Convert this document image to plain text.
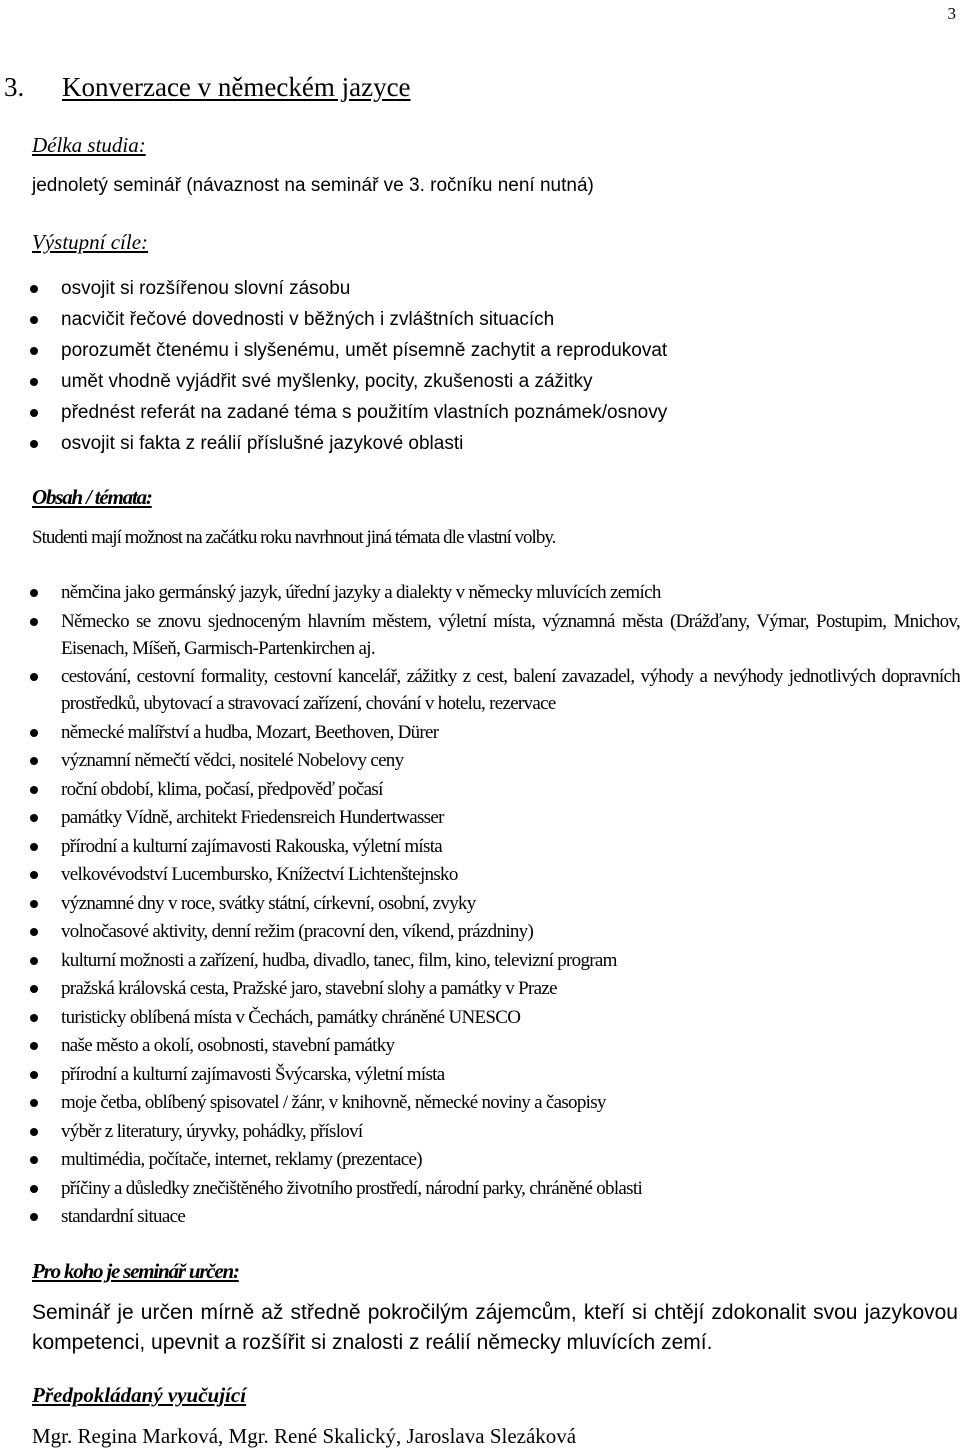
3
3. Konverzace v německém jazyce

Délka studia:

jednoletý seminář (návaznost na seminář ve 3. ročníku není nutná)

Výstupní cíle:

osvojit si rozšířenou slovní zásobu
nacvičit řečové dovednosti v běžných i zvláštních situacích
porozumět čtenému i slyšenému, umět písemně zachytit a reprodukovat
umět vhodně vyjádřit své myšlenky, pocity, zkušenosti a zážitky
přednést referát na zadané téma s použitím vlastních poznámek/osnovy
osvojit si fakta z reálií příslušné jazykové oblasti

Obsah / témata:

Studenti mají možnost na začátku roku navrhnout jiná témata dle vlastní volby.

němčina jako germánský jazyk, úřední jazyky a dialekty v německy mluvících zemích
Německo se znovu sjednoceným hlavním městem, výletní místa, významná města (Drážďany, Výmar, Postupim, Mnichov, Eisenach, Míšeň, Garmisch-Partenkirchen aj.
cestování, cestovní formality, cestovní kancelář, zážitky z cest, balení zavazadel, výhody a nevýhody jednotlivých dopravních prostředků, ubytovací a stravovací zařízení, chování v hotelu, rezervace
německé malířství a hudba, Mozart, Beethoven, Dürer
významní němečtí vědci, nositelé Nobelovy ceny
roční období, klima, počasí, předpověď počasí
památky Vídně, architekt Friedensreich Hundertwasser
přírodní a kulturní zajímavosti Rakouska, výletní místa
velkovévodství Lucembursko, Knížectví Lichtenštejnsko
významné dny v roce, svátky státní, církevní, osobní, zvyky
volnočasové aktivity, denní režim (pracovní den, víkend, prázdniny)
kulturní možnosti a zařízení, hudba, divadlo, tanec, film, kino, televizní program
pražská královská cesta, Pražské jaro, stavební slohy a památky v Praze
turisticky oblíbená místa v Čechách, památky chráněné UNESCO
naše město a okolí, osobnosti, stavební památky
přírodní a kulturní zajímavosti Švýcarska, výletní místa
moje četba, oblíbený spisovatel / žánr, v knihovně, německé noviny a časopisy
výběr z literatury, úryvky, pohádky, přísloví
multimédia, počítače, internet, reklamy (prezentace)
příčiny a důsledky znečištěného životního prostředí, národní parky, chráněné oblasti
standardní situace

Pro koho je seminář určen:

Seminář je určen mírně až středně pokročilým zájemcům, kteří si chtějí zdokonalit svou jazykovou kompetenci, upevnit a rozšířit si znalosti z reálií německy mluvících zemí.

Předpokládaný vyučující

Mgr. Regina Marková, Mgr. René Skalický, Jaroslava Slezáková
